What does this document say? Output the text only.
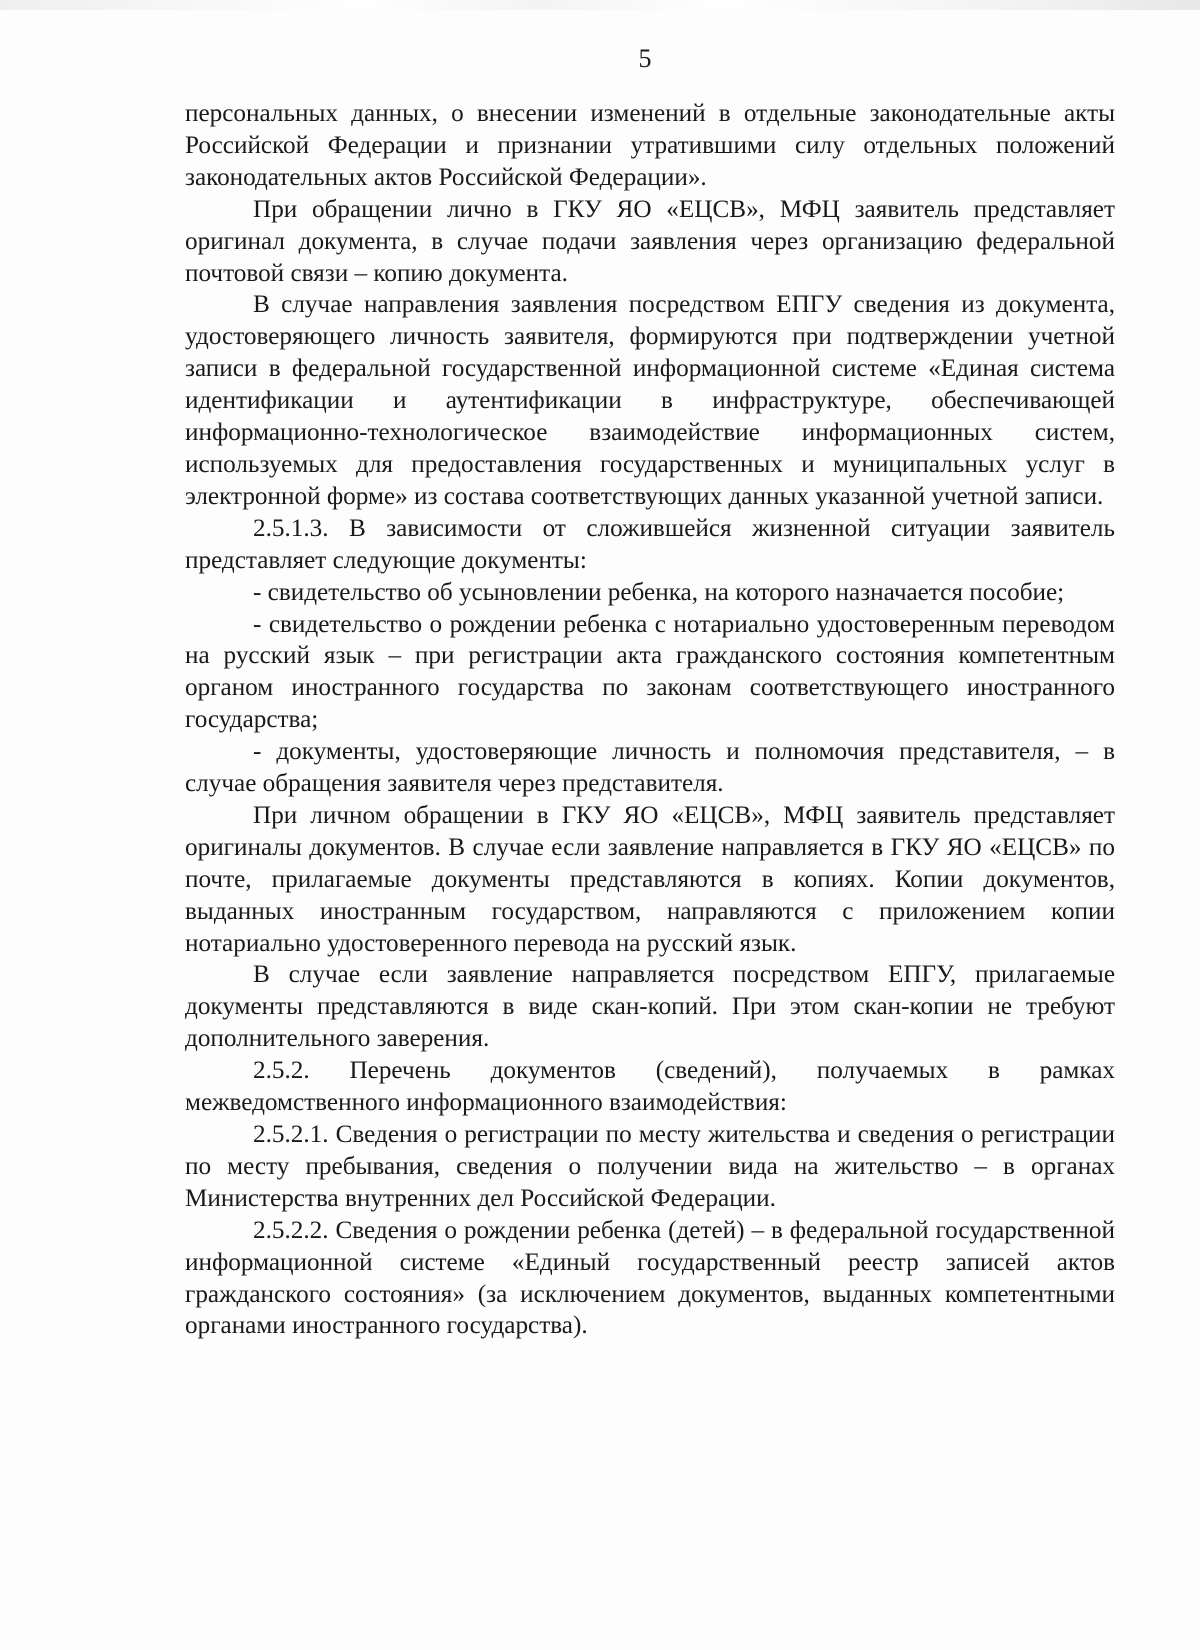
5

персональных данных, о внесении изменений в отдельные законодательные акты Российской Федерации и признании утратившими силу отдельных положений законодательных актов Российской Федерации».

При обращении лично в ГКУ ЯО «ЕЦСВ», МФЦ заявитель представляет оригинал документа, в случае подачи заявления через организацию федеральной почтовой связи – копию документа.

В случае направления заявления посредством ЕПГУ сведения из документа, удостоверяющего личность заявителя, формируются при подтверждении учетной записи в федеральной государственной информационной системе «Единая система идентификации и аутентификации в инфраструктуре, обеспечивающей информационно-технологическое взаимодействие информационных систем, используемых для предоставления государственных и муниципальных услуг в электронной форме» из состава соответствующих данных указанной учетной записи.

2.5.1.3. В зависимости от сложившейся жизненной ситуации заявитель представляет следующие документы:

- свидетельство об усыновлении ребенка, на которого назначается пособие;

- свидетельство о рождении ребенка с нотариально удостоверенным переводом на русский язык – при регистрации акта гражданского состояния компетентным органом иностранного государства по законам соответствующего иностранного государства;

- документы, удостоверяющие личность и полномочия представителя, – в случае обращения заявителя через представителя.

При личном обращении в ГКУ ЯО «ЕЦСВ», МФЦ заявитель представляет оригиналы документов. В случае если заявление направляется в ГКУ ЯО «ЕЦСВ» по почте, прилагаемые документы представляются в копиях. Копии документов, выданных иностранным государством, направляются с приложением копии нотариально удостоверенного перевода на русский язык.

В случае если заявление направляется посредством ЕПГУ, прилагаемые документы представляются в виде скан-копий. При этом скан-копии не требуют дополнительного заверения.

2.5.2. Перечень документов (сведений), получаемых в рамках межведомственного информационного взаимодействия:

2.5.2.1. Сведения о регистрации по месту жительства и сведения о регистрации по месту пребывания, сведения о получении вида на жительство – в органах Министерства внутренних дел Российской Федерации.

2.5.2.2. Сведения о рождении ребенка (детей) – в федеральной государственной информационной системе «Единый государственный реестр записей актов гражданского состояния» (за исключением документов, выданных компетентными органами иностранного государства).
